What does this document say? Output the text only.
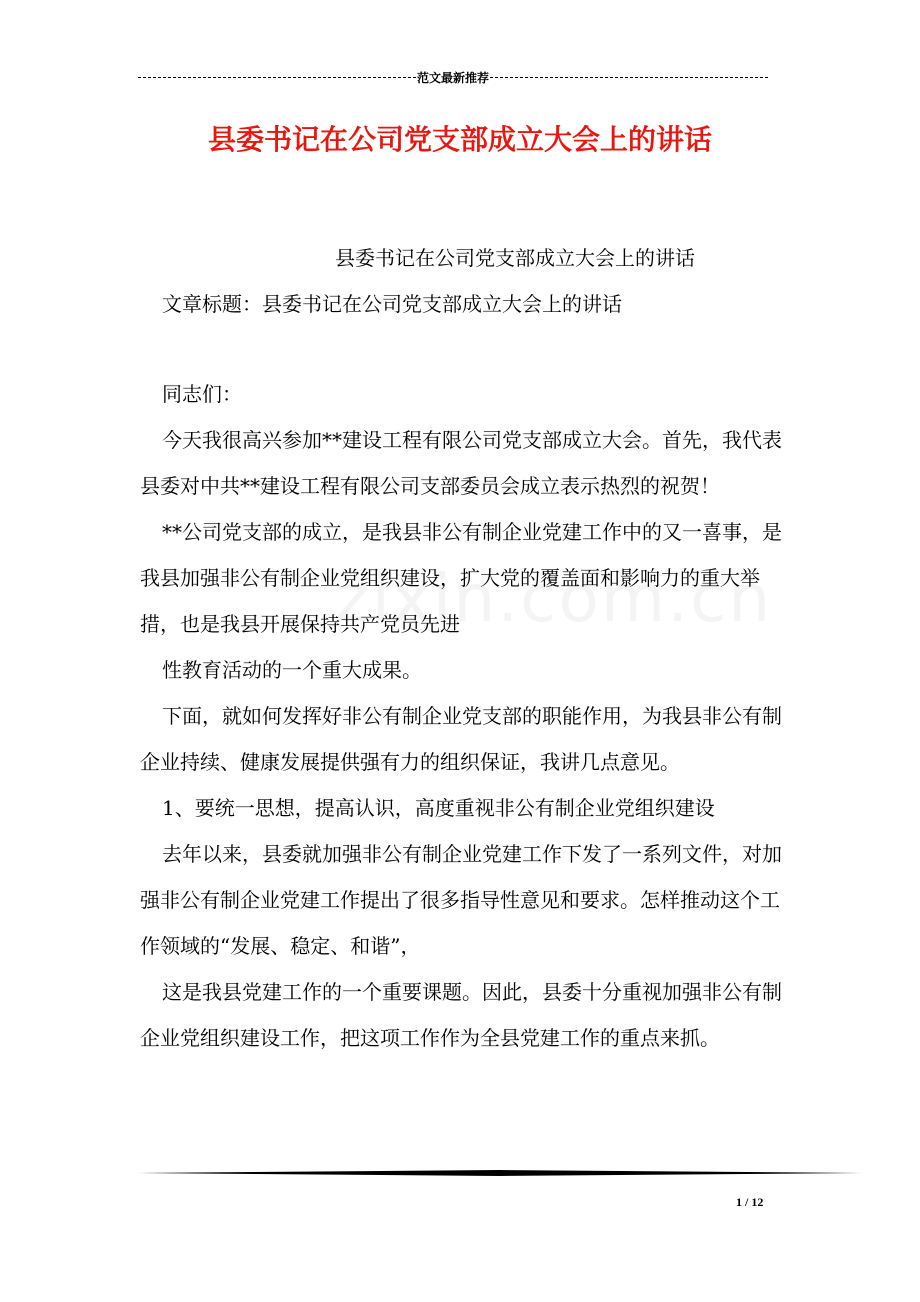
范文最新推荐
县委书记在公司党支部成立大会上的讲话

县委书记在公司党支部成立大会上的讲话

文章标题：县委书记在公司党支部成立大会上的讲话

同志们：

今天我很高兴参加**建设工程有限公司党支部成立大会。首先，我代表县委对中共**建设工程有限公司支部委员会成立表示热烈的祝贺！

**公司党支部的成立，是我县非公有制企业党建工作中的又一喜事，是我县加强非公有制企业党组织建设，扩大党的覆盖面和影响力的重大举措，也是我县开展保持共产党员先进

性教育活动的一个重大成果。

下面，就如何发挥好非公有制企业党支部的职能作用，为我县非公有制企业持续、健康发展提供强有力的组织保证，我讲几点意见。

1、要统一思想，提高认识，高度重视非公有制企业党组织建设

去年以来，县委就加强非公有制企业党建工作下发了一系列文件，对加强非公有制企业党建工作提出了很多指导性意见和要求。怎样推动这个工作领域的“发展、稳定、和谐”，

这是我县党建工作的一个重要课题。因此，县委十分重视加强非公有制企业党组织建设工作，把这项工作作为全县党建工作的重点来抓。

1 / 12
